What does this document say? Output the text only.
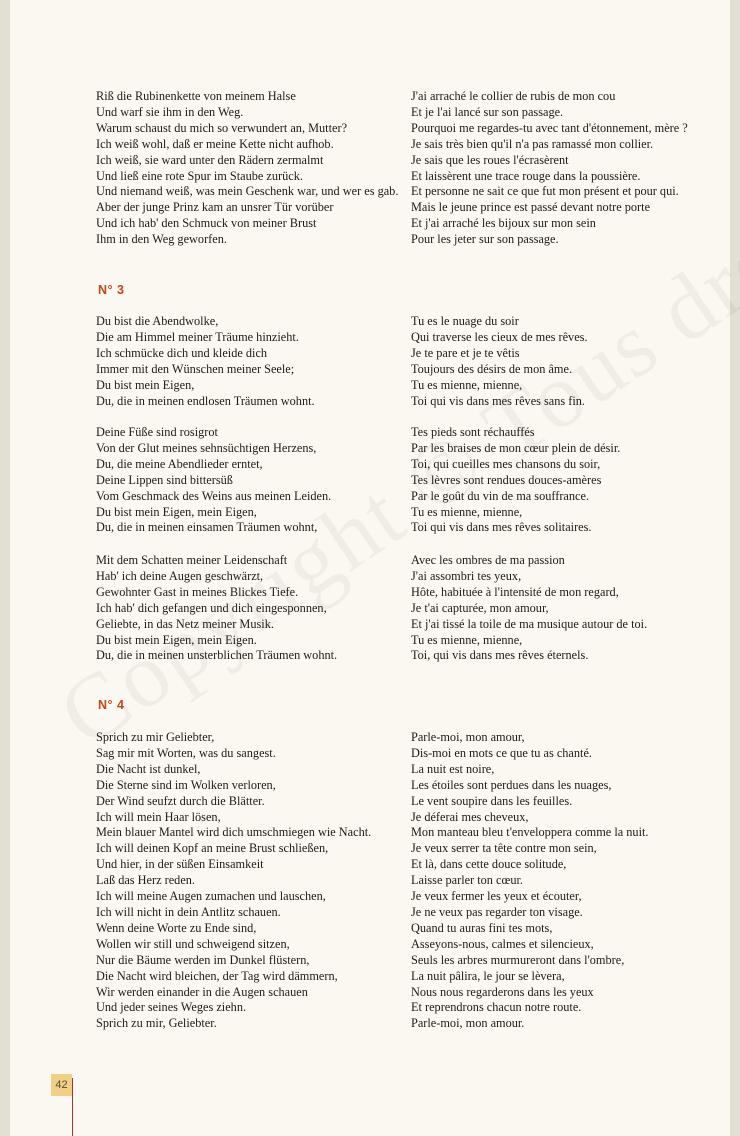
Riß die Rubinenkette von meinem Halse
Und warf sie ihm in den Weg.
Warum schaust du mich so verwundert an, Mutter?
Ich weiß wohl, daß er meine Kette nicht aufhob.
Ich weiß, sie ward unter den Rädern zermalmt
Und ließ eine rote Spur im Staube zurück.
Und niemand weiß, was mein Geschenk war, und wer es gab.
Aber der junge Prinz kam an unsrer Tür vorüber
Und ich hab' den Schmuck von meiner Brust
Ihm in den Weg geworfen.
J'ai arraché le collier de rubis de mon cou
Et je l'ai lancé sur son passage.
Pourquoi me regardes-tu avec tant d'étonnement, mère ?
Je sais très bien qu'il n'a pas ramassé mon collier.
Je sais que les roues l'écrasèrent
Et laissèrent une trace rouge dans la poussière.
Et personne ne sait ce que fut mon présent et pour qui.
Mais le jeune prince est passé devant notre porte
Et j'ai arraché les bijoux sur mon sein
Pour les jeter sur son passage.
N° 3
Du bist die Abendwolke,
Die am Himmel meiner Träume hinzieht.
Ich schmücke dich und kleide dich
Immer mit den Wünschen meiner Seele;
Du bist mein Eigen,
Du, die in meinen endlosen Träumen wohnt.
Tu es le nuage du soir
Qui traverse les cieux de mes rêves.
Je te pare et je te vêtis
Toujours des désirs de mon âme.
Tu es mienne, mienne,
Toi qui vis dans mes rêves sans fin.
Deine Füße sind rosigrot
Von der Glut meines sehnsüchtigen Herzens,
Du, die meine Abendlieder erntet,
Deine Lippen sind bittersüß
Vom Geschmack des Weins aus meinen Leiden.
Du bist mein Eigen, mein Eigen,
Du, die in meinen einsamen Träumen wohnt,
Tes pieds sont réchauffés
Par les braises de mon cœur plein de désir.
Toi, qui cueilles mes chansons du soir,
Tes lèvres sont rendues douces-amères
Par le goût du vin de ma souffrance.
Tu es mienne, mienne,
Toi qui vis dans mes rêves solitaires.
Mit dem Schatten meiner Leidenschaft
Hab' ich deine Augen geschwärzt,
Gewohnter Gast in meines Blickes Tiefe.
Ich hab' dich gefangen und dich eingesponnen,
Geliebte, in das Netz meiner Musik.
Du bist mein Eigen, mein Eigen.
Du, die in meinen unsterblichen Träumen wohnt.
Avec les ombres de ma passion
J'ai assombri tes yeux,
Hôte, habituée à l'intensité de mon regard,
Je t'ai capturée, mon amour,
Et j'ai tissé la toile de ma musique autour de toi.
Tu es mienne, mienne,
Toi, qui vis dans mes rêves éternels.
N° 4
Sprich zu mir Geliebter,
Sag mir mit Worten, was du sangest.
Die Nacht ist dunkel,
Die Sterne sind im Wolken verloren,
Der Wind seufzt durch die Blätter.
Ich will mein Haar lösen,
Mein blauer Mantel wird dich umschmiegen wie Nacht.
Ich will deinen Kopf an meine Brust schließen,
Und hier, in der süßen Einsamkeit
Laß das Herz reden.
Ich will meine Augen zumachen und lauschen,
Ich will nicht in dein Antlitz schauen.
Wenn deine Worte zu Ende sind,
Wollen wir still und schweigend sitzen,
Nur die Bäume werden im Dunkel flüstern,
Die Nacht wird bleichen, der Tag wird dämmern,
Wir werden einander in die Augen schauen
Und jeder seines Weges ziehn.
Sprich zu mir, Geliebter.
Parle-moi, mon amour,
Dis-moi en mots ce que tu as chanté.
La nuit est noire,
Les étoiles sont perdues dans les nuages,
Le vent soupire dans les feuilles.
Je déferai mes cheveux,
Mon manteau bleu t'enveloppera comme la nuit.
Je veux serrer ta tête contre mon sein,
Et là, dans cette douce solitude,
Laisse parler ton cœur.
Je veux fermer les yeux et écouter,
Je ne veux pas regarder ton visage.
Quand tu auras fini tes mots,
Asseyons-nous, calmes et silencieux,
Seuls les arbres murmureront dans l'ombre,
La nuit pâlira, le jour se lèvera,
Nous nous regarderons dans les yeux
Et reprendrons chacun notre route.
Parle-moi, mon amour.
42
